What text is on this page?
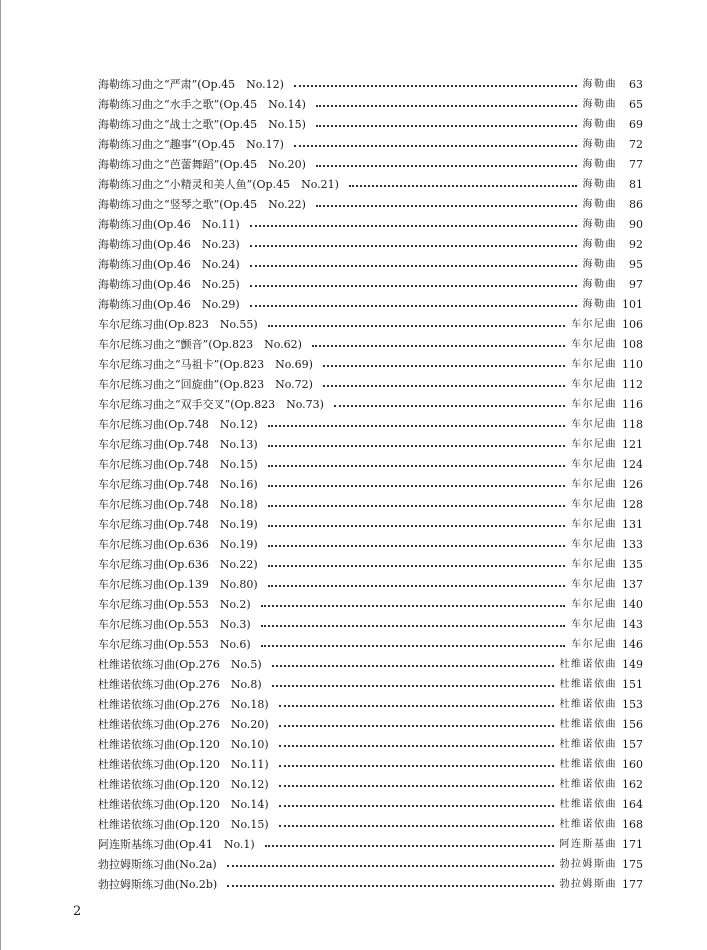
海勒练习曲之“严肃”(Op.45　No.12)	海勒曲	63
海勒练习曲之“水手之歌”(Op.45　No.14)	海勒曲	65
海勒练习曲之“战士之歌”(Op.45　No.15)	海勒曲	69
海勒练习曲之“趣事”(Op.45　No.17)	海勒曲	72
海勒练习曲之“芭蕾舞蹈”(Op.45　No.20)	海勒曲	77
海勒练习曲之“小精灵和美人鱼”(Op.45　No.21)	海勒曲	81
海勒练习曲之“竖琴之歌”(Op.45　No.22)	海勒曲	86
海勒练习曲(Op.46　No.11)	海勒曲	90
海勒练习曲(Op.46　No.23)	海勒曲	92
海勒练习曲(Op.46　No.24)	海勒曲	95
海勒练习曲(Op.46　No.25)	海勒曲	97
海勒练习曲(Op.46　No.29)	海勒曲 101
车尔尼练习曲(Op.823　No.55)	车尔尼曲 106
车尔尼练习曲之“颤音”(Op.823　No.62)	车尔尼曲 108
车尔尼练习曲之“马祖卡”(Op.823　No.69)	车尔尼曲 110
车尔尼练习曲之“回旋曲”(Op.823　No.72)	车尔尼曲 112
车尔尼练习曲之“双手交叉”(Op.823　No.73)	车尔尼曲 116
车尔尼练习曲(Op.748　No.12)	车尔尼曲 118
车尔尼练习曲(Op.748　No.13)	车尔尼曲 121
车尔尼练习曲(Op.748　No.15)	车尔尼曲 124
车尔尼练习曲(Op.748　No.16)	车尔尼曲 126
车尔尼练习曲(Op.748　No.18)	车尔尼曲 128
车尔尼练习曲(Op.748　No.19)	车尔尼曲 131
车尔尼练习曲(Op.636　No.19)	车尔尼曲 133
车尔尼练习曲(Op.636　No.22)	车尔尼曲 135
车尔尼练习曲(Op.139　No.80)	车尔尼曲 137
车尔尼练习曲(Op.553　No.2)	车尔尼曲 140
车尔尼练习曲(Op.553　No.3)	车尔尼曲 143
车尔尼练习曲(Op.553　No.6)	车尔尼曲 146
杜维诺依练习曲(Op.276　No.5)	杜维诺依曲 149
杜维诺依练习曲(Op.276　No.8)	杜维诺依曲 151
杜维诺依练习曲(Op.276　No.18)	杜维诺依曲 153
杜维诺依练习曲(Op.276　No.20)	杜维诺依曲 156
杜维诺依练习曲(Op.120　No.10)	杜维诺依曲 157
杜维诺依练习曲(Op.120　No.11)	杜维诺依曲 160
杜维诺依练习曲(Op.120　No.12)	杜维诺依曲 162
杜维诺依练习曲(Op.120　No.14)	杜维诺依曲 164
杜维诺依练习曲(Op.120　No.15)	杜维诺依曲 168
阿连斯基练习曲(Op.41　No.1)	阿连斯基曲 171
勃拉姆斯练习曲(No.2a)	勃拉姆斯曲 175
勃拉姆斯练习曲(No.2b)	勃拉姆斯曲 177
2
